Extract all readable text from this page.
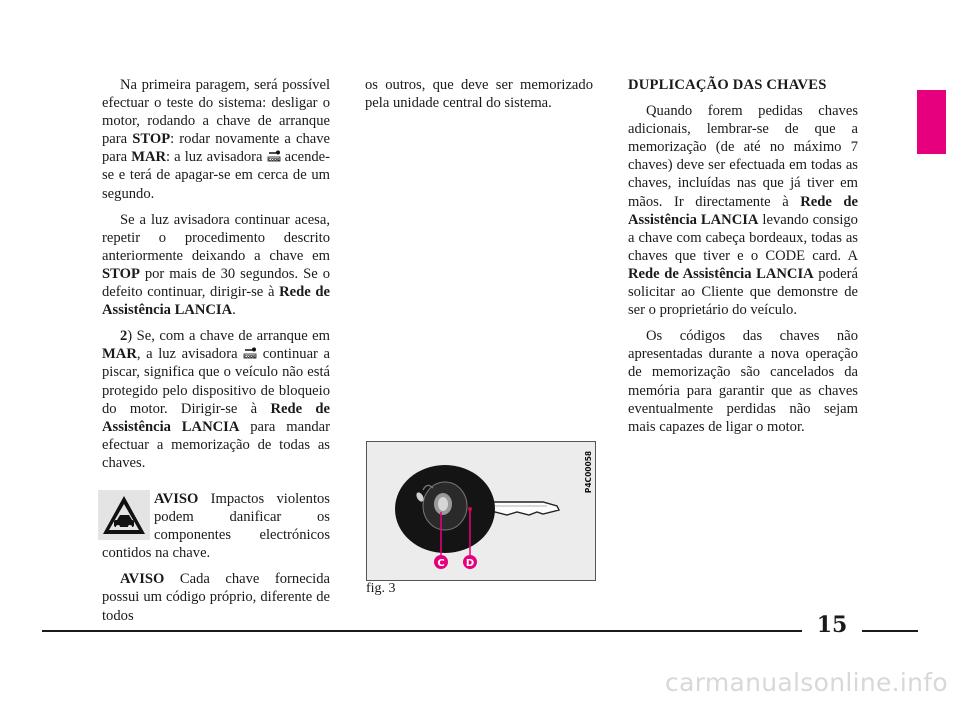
Na primeira paragem, será possível efectuar o teste do sistema: desligar o motor, rodando a chave de arranque para STOP: rodar novamente a chave para MAR: a luz avisadora CODE acende-se e terá de apagar-se em cerca de um segundo.

Se a luz avisadora continuar acesa, repetir o procedimento descrito anteriormente deixando a chave em STOP por mais de 30 segundos. Se o defeito continuar, dirigir-se à Rede de Assistência LANCIA.

2) Se, com a chave de arranque em MAR, a luz avisadora CODE continuar a piscar, significa que o veículo não está protegido pelo dispositivo de bloqueio do motor. Dirigir-se à Rede de Assistência LANCIA para mandar efectuar a memorização de todas as chaves.

AVISO Impactos violentos podem danificar os componentes electrónicos contidos na chave.

AVISO Cada chave fornecida possui um código próprio, diferente de todos

os outros, que deve ser memorizado pela unidade central do sistema.

C D
P4C00058
fig. 3
DUPLICAÇÃO DAS CHAVES

Quando forem pedidas chaves adicionais, lembrar-se de que a memorização (de até no máximo 7 chaves) deve ser efectuada em todas as chaves, incluídas nas que já tiver em mãos. Ir directamente à Rede de Assistência LANCIA levando consigo a chave com cabeça bordeaux, todas as chaves que tiver e o CODE card. A Rede de Assistência LANCIA poderá solicitar ao Cliente que demonstre de ser o proprietário do veículo.

Os códigos das chaves não apresentadas durante a nova operação de memorização são cancelados da memória para garantir que as chaves eventualmente perdidas não sejam mais capazes de ligar o motor.

15
carmanualsonline.info
